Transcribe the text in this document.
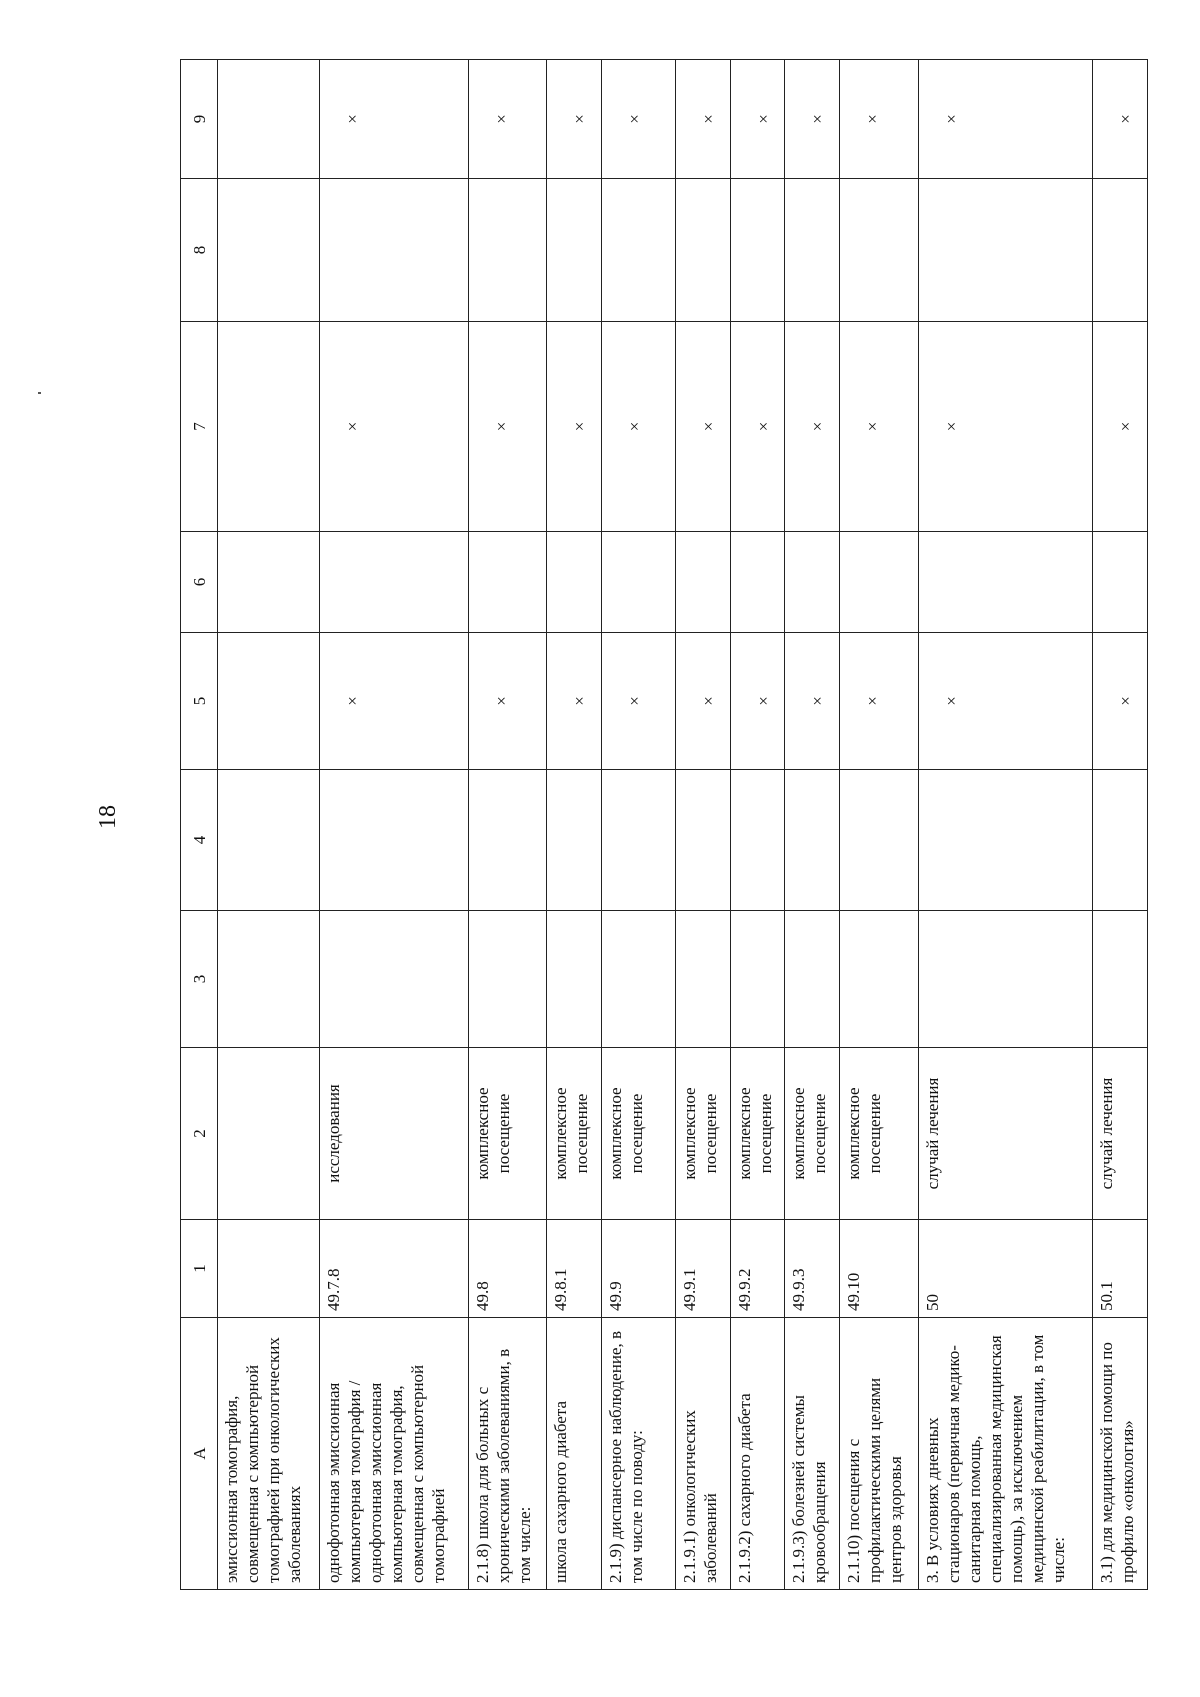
18
A	1	2	3	4	5	6	7	8	9
эмиссионная томография, совмещенная с компьютерной томографией при онкологических заболеваниях									
однофотонная эмиссионная компьютерная томография / однофотонная эмиссионная компьютерная томография, совмещенная с компьютерной томографией	49.7.8	исследования			×		×		×
2.1.8) школа для больных с хроническими заболеваниями, в том числе:	49.8	комплексное посещение			×		×		×
школа сахарного диабета	49.8.1	комплексное посещение			×		×		×
2.1.9) диспансерное наблюдение, в том числе по поводу:	49.9	комплексное посещение			×		×		×
2.1.9.1) онкологических заболеваний	49.9.1	комплексное посещение			×		×		×
2.1.9.2) сахарного диабета	49.9.2	комплексное посещение			×		×		×
2.1.9.3) болезней системы кровообращения	49.9.3	комплексное посещение			×		×		×
2.1.10) посещения с профилактическими целями центров здоровья	49.10	комплексное посещение			×		×		×
3. В условиях дневных стационаров (первичная медико-санитарная помощь, специализированная медицинская помощь), за исключением медицинской реабилитации, в том числе:	50	случай лечения			×		×		×
3.1) для медицинской помощи по профилю «онкология»	50.1	случай лечения			×		×		×
